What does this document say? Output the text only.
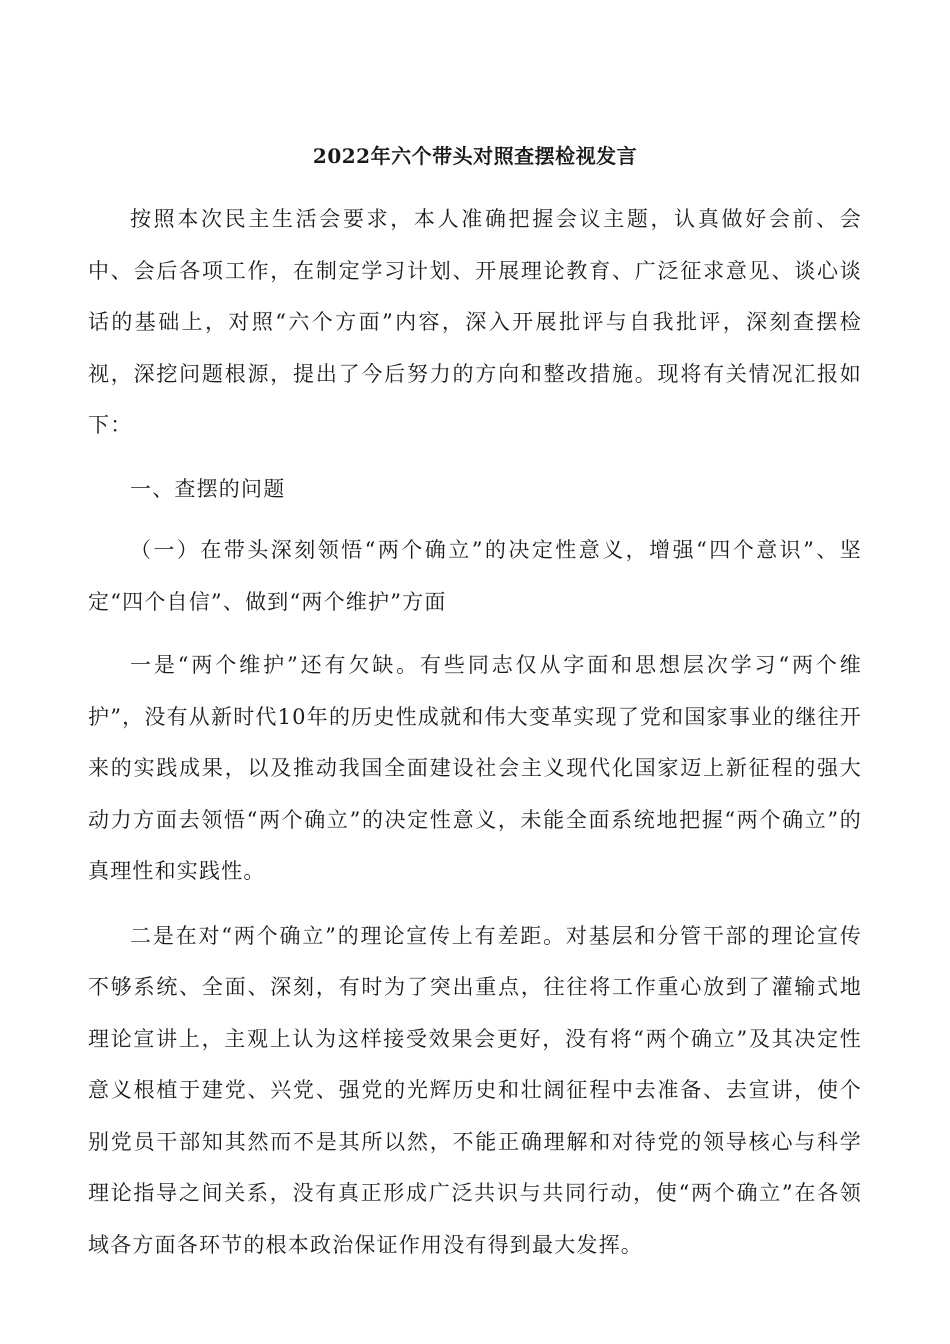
2022年六个带头对照查摆检视发言

按照本次民主生活会要求，本人准确把握会议主题，认真做好会前、会中、会后各项工作，在制定学习计划、开展理论教育、广泛征求意见、谈心谈话的基础上，对照“六个方面”内容，深入开展批评与自我批评，深刻查摆检视，深挖问题根源，提出了今后努力的方向和整改措施。现将有关情况汇报如下：

一、查摆的问题

（一）在带头深刻领悟“两个确立”的决定性意义，增强“四个意识”、坚定“四个自信”、做到“两个维护”方面

一是“两个维护”还有欠缺。有些同志仅从字面和思想层次学习“两个维护”，没有从新时代10年的历史性成就和伟大变革实现了党和国家事业的继往开来的实践成果，以及推动我国全面建设社会主义现代化国家迈上新征程的强大动力方面去领悟“两个确立”的决定性意义，未能全面系统地把握“两个确立”的真理性和实践性。

二是在对“两个确立”的理论宣传上有差距。对基层和分管干部的理论宣传不够系统、全面、深刻，有时为了突出重点，往往将工作重心放到了灌输式地理论宣讲上，主观上认为这样接受效果会更好，没有将“两个确立”及其决定性意义根植于建党、兴党、强党的光辉历史和壮阔征程中去准备、去宣讲，使个别党员干部知其然而不是其所以然，不能正确理解和对待党的领导核心与科学理论指导之间关系，没有真正形成广泛共识与共同行动，使“两个确立”在各领域各方面各环节的根本政治保证作用没有得到最大发挥。
